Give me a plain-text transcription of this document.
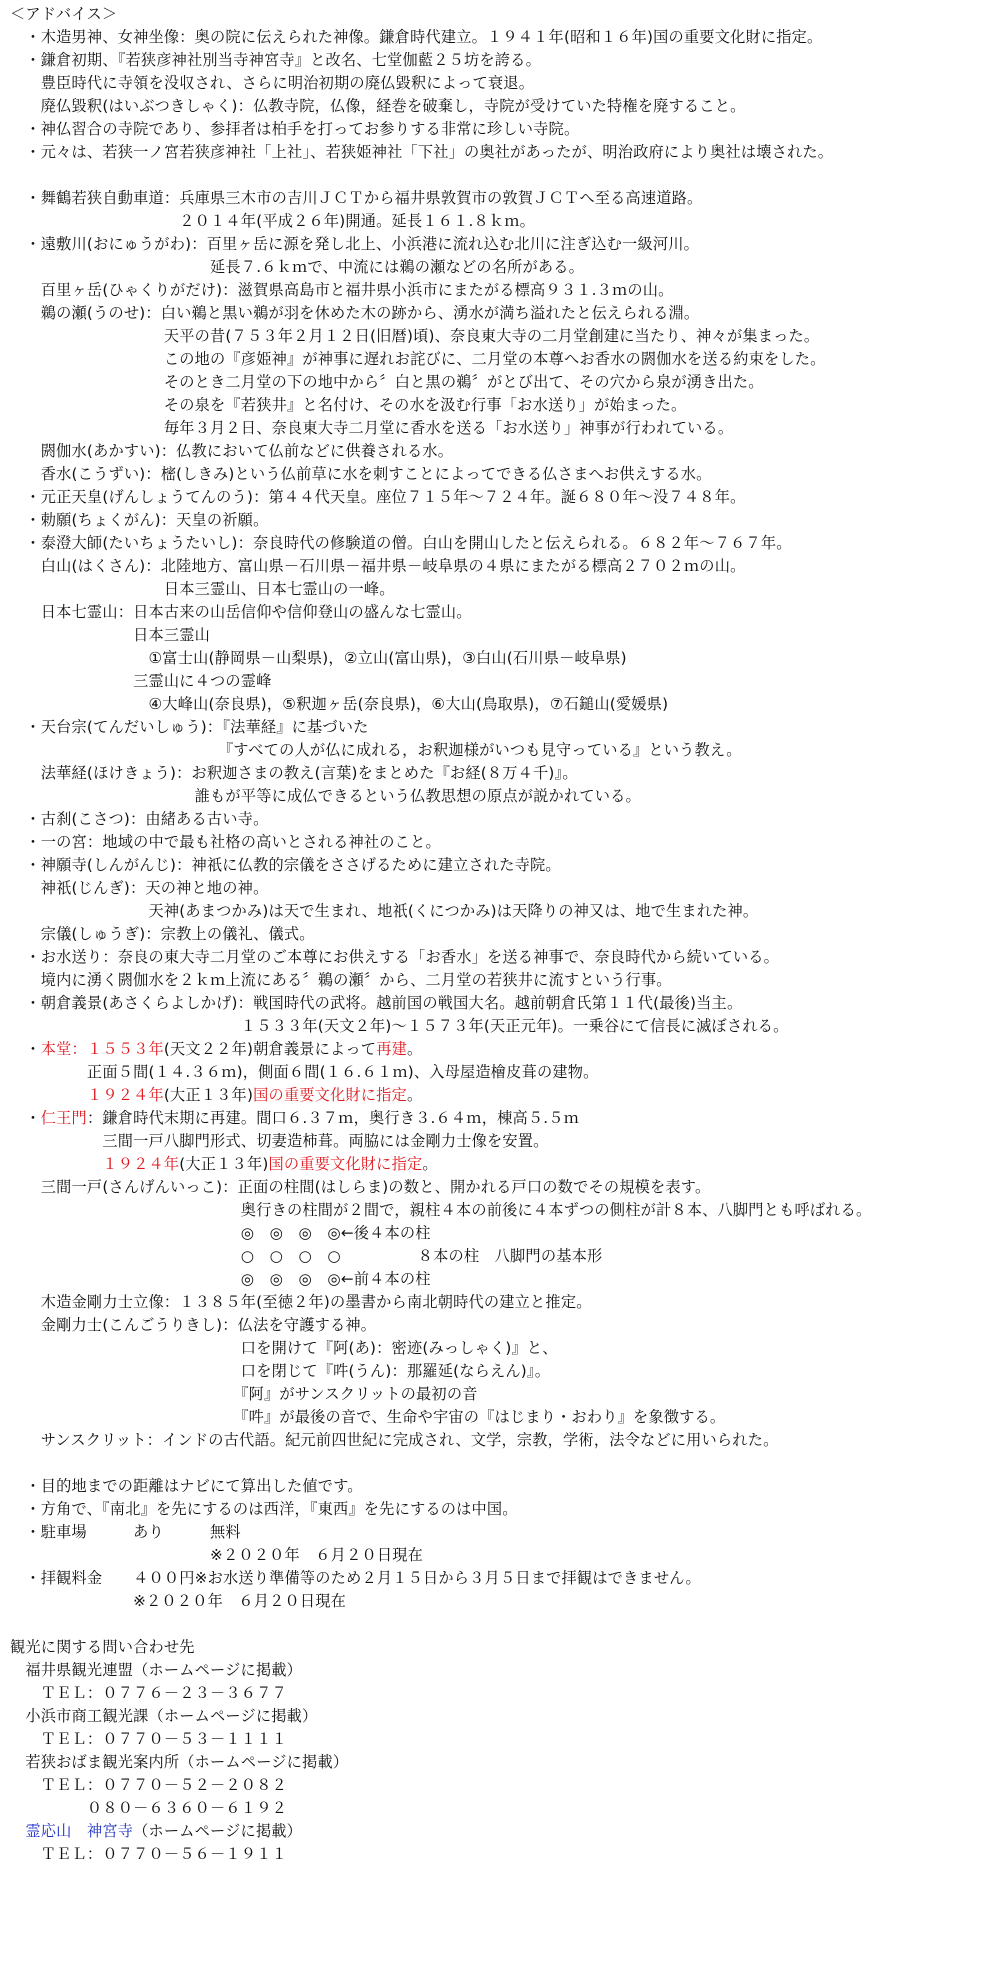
＜アドバイス＞
　・木造男神、女神坐像：奥の院に伝えられた神像。鎌倉時代建立。１９４１年(昭和１６年)国の重要文化財に指定。
　・鎌倉初期、『若狭彦神社別当寺神宮寺』と改名、七堂伽藍２５坊を誇る。
　　豊臣時代に寺領を没収され、さらに明治初期の廃仏毀釈によって衰退。
　　廃仏毀釈(はいぶつきしゃく)：仏教寺院，仏像，経巻を破棄し，寺院が受けていた特権を廃すること。
　・神仏習合の寺院であり、参拝者は柏手を打ってお参りする非常に珍しい寺院。
　・元々は、若狭一ノ宮若狭彦神社「上社」、若狭姫神社「下社」の奥社があったが、明治政府により奥社は壊された。
　・舞鶴若狭自動車道：兵庫県三木市の吉川ＪＣＴから福井県敦賀市の敦賀ＪＣＴへ至る高速道路。
　　　　　　　　　　　２０１４年(平成２６年)開通。延長１６１.８ｋｍ。
　・遠敷川(おにゅうがわ)：百里ヶ岳に源を発し北上、小浜港に流れ込む北川に注ぎ込む一級河川。
　　　　　　　　　　　　　延長７.６ｋｍで、中流には鵜の瀬などの名所がある。
　　百里ヶ岳(ひゃくりがだけ)：滋賀県高島市と福井県小浜市にまたがる標高９３１.３ｍの山。
　　鵜の瀬(うのせ)：白い鵜と黒い鵜が羽を休めた木の跡から、湧水が満ち溢れたと伝えられる淵。
　　　　　　　　　　天平の昔(７５３年２月１２日(旧暦)頃)、奈良東大寺の二月堂創建に当たり、神々が集まった。
　　　　　　　　　　この地の『彦姫神』が神事に遅れお詫びに、二月堂の本尊へお香水の閼伽水を送る約束をした。
　　　　　　　　　　そのとき二月堂の下の地中から〞白と黒の鵜〞がとび出て、その穴から泉が湧き出た。
　　　　　　　　　　その泉を『若狭井』と名付け、その水を汲む行事「お水送り」が始まった。
　　　　　　　　　　毎年３月２日、奈良東大寺二月堂に香水を送る「お水送り」神事が行われている。
　　閼伽水(あかすい)：仏教において仏前などに供養される水。
　　香水(こうずい)：樒(しきみ)という仏前草に水を刺すことによってできる仏さまへお供えする水。
　・元正天皇(げんしょうてんのう)：第４４代天皇。座位７１５年～７２４年。誕６８０年～没７４８年。
　・勅願(ちょくがん)：天皇の祈願。
　・泰澄大師(たいちょうたいし)：奈良時代の修験道の僧。白山を開山したと伝えられる。６８２年～７６７年。
　　白山(はくさん)：北陸地方、富山県－石川県－福井県－岐阜県の４県にまたがる標高２７０２ｍの山。
　　　　　　　　　　日本三霊山、日本七霊山の一峰。
　　日本七霊山：日本古来の山岳信仰や信仰登山の盛んな七霊山。
　　　　　　　　日本三霊山
　　　　　　　　　①富士山(静岡県－山梨県)，②立山(富山県)，③白山(石川県－岐阜県)
　　　　　　　　三霊山に４つの霊峰
　　　　　　　　　④大峰山(奈良県)，⑤釈迦ヶ岳(奈良県)，⑥大山(鳥取県)，⑦石鎚山(愛媛県)
　・天台宗(てんだいしゅう)：『法華経』に基づいた
　　　　　　　　　　　　　　『すべての人が仏に成れる，お釈迦様がいつも見守っている』という教え。
　　法華経(ほけきょう)：お釈迦さまの教え(言葉)をまとめた『お経(８万４千)』。
　　　　　　　　　　　　誰もが平等に成仏できるという仏教思想の原点が説かれている。
　・古刹(こさつ)：由緒ある古い寺。
　・一の宮：地域の中で最も社格の高いとされる神社のこと。
　・神願寺(しんがんじ)：神祇に仏教的宗儀をささげるために建立された寺院。
　　神祇(じんぎ)：天の神と地の神。
　　　　　　　　　天神(あまつかみ)は天で生まれ、地祇(くにつかみ)は天降りの神又は、地で生まれた神。
　　宗儀(しゅうぎ)：宗教上の儀礼、儀式。
　・お水送り：奈良の東大寺二月堂のご本尊にお供えする「お香水」を送る神事で、奈良時代から続いている。
　　境内に湧く閼伽水を２ｋｍ上流にある〞鵜の瀬〞から、二月堂の若狭井に流すという行事。
　・朝倉義景(あさくらよしかげ)：戦国時代の武将。越前国の戦国大名。越前朝倉氏第１１代(最後)当主。
　　　　　　　　　　　　　　　１５３３年(天文２年)～１５７３年(天正元年)。一乗谷にて信長に滅ぼされる。
　・本堂：１５５３年(天文２２年)朝倉義景によって再建。
　　　　　正面５間(１４.３６ｍ)，側面６間(１６.６１ｍ)、入母屋造檜皮葺の建物。
　　　　　１９２４年(大正１３年)国の重要文化財に指定。
　・仁王門：鎌倉時代末期に再建。間口６.３７ｍ，奥行き３.６４ｍ，棟高５.５ｍ
　　　　　　三間一戸八脚門形式、切妻造柿葺。両脇には金剛力士像を安置。
　　　　　　１９２４年(大正１３年)国の重要文化財に指定。
　　三間一戸(さんげんいっこ)：正面の柱間(はしらま)の数と、開かれる戸口の数でその規模を表す。
　　　　　　　　　　　　　　　奥行きの柱間が２間で，親柱４本の前後に４本ずつの側柱が計８本、八脚門とも呼ばれる。
　　　　　　　　　　　　　　　◎　◎　◎　◎←後４本の柱
　　　　　　　　　　　　　　　○　○　○　○　　　　　８本の柱　八脚門の基本形
　　　　　　　　　　　　　　　◎　◎　◎　◎←前４本の柱
　　木造金剛力士立像：１３８５年(至徳２年)の墨書から南北朝時代の建立と推定。
　　金剛力士(こんごうりきし)：仏法を守護する神。
　　　　　　　　　　　　　　　口を開けて『阿(あ)：密迹(みっしゃく)』と、
　　　　　　　　　　　　　　　口を閉じて『吽(うん)：那羅延(ならえん)』。
　　　　　　　　　　　　　　　『阿』がサンスクリットの最初の音
　　　　　　　　　　　　　　　『吽』が最後の音で、生命や宇宙の『はじまり・おわり』を象徴する。
　　サンスクリット：インドの古代語。紀元前四世紀に完成され、文学，宗教，学術，法令などに用いられた。
　・目的地までの距離はナビにて算出した値です。
　・方角で、『南北』を先にするのは西洋，『東西』を先にするのは中国。
　・駐車場　　　あり　　　無料
　　　　　　　　　　　　　※２０２０年　６月２０日現在
　・拝観料金　　４００円※お水送り準備等のため２月１５日から３月５日まで拝観はできません。
　　　　　　　　※２０２０年　６月２０日現在
観光に関する問い合わせ先
　福井県観光連盟（ホームページに掲載）
　　ＴＥＬ：０７７６－２３－３６７７
　小浜市商工観光課（ホームページに掲載）
　　ＴＥＬ：０７７０－５３－１１１１
　若狭おばま観光案内所（ホームページに掲載）
　　ＴＥＬ：０７７０－５２－２０８２
　　　　　０８０－６３６０－６１９２
　霊応山　神宮寺（ホームページに掲載）
　　ＴＥＬ：０７７０－５６－１９１１
